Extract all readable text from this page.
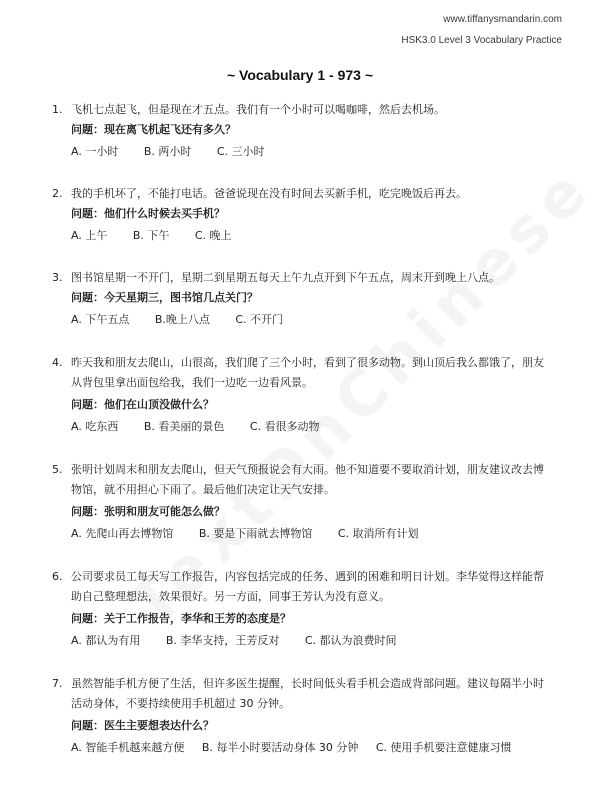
www.tiffanysmandarin.com
HSK3.0 Level 3 Vocabulary Practice
~ Vocabulary 1 - 973 ~
1. 飞机七点起飞，但是现在才五点。我们有一个小时可以喝咖啡，然后去机场。

问题：现在离飞机起飞还有多久？
A. 一小时 B. 两小时 C. 三小时
2. 我的手机坏了，不能打电话。爸爸说现在没有时间去买新手机，吃完晚饭后再去。

问题：他们什么时候去买手机？
A. 上午 B. 下午 C. 晚上
3. 图书馆星期一不开门，星期二到星期五每天上午九点开到下午五点，周末开到晚上八点。

问题：今天星期三，图书馆几点关门？
A. 下午五点 B.晚上八点 C. 不开门
4. 昨天我和朋友去爬山，山很高，我们爬了三个小时，看到了很多动物。到山顶后我么都饿了，朋友从背包里拿出面包给我，我们一边吃一边看风景。

问题：他们在山顶没做什么？
A. 吃东西 B. 看美丽的景色 C. 看很多动物
5. 张明计划周末和朋友去爬山，但天气预报说会有大雨。他不知道要不要取消计划，朋友建议改去博物馆，就不用担心下雨了。最后他们决定让天气安排。

问题：张明和朋友可能怎么做？
A. 先爬山再去博物馆 B. 要是下雨就去博物馆 C. 取消所有计划
6. 公司要求员工每天写工作报告，内容包括完成的任务、遇到的困难和明日计划。李华觉得这样能帮助自己整理想法，效果很好。另一方面，同事王芳认为没有意义。

问题：关于工作报告，李华和王芳的态度是？
A. 都认为有用 B. 李华支持，王芳反对 C. 都认为浪费时间
7. 虽然智能手机方便了生活，但许多医生提醒，长时间低头看手机会造成背部问题。建议每隔半小时活动身体，不要持续使用手机超过 30 分钟。

问题：医生主要想表达什么？
A. 智能手机越来越方便 B. 每半小时要活动身体 30 分钟 C. 使用手机要注意健康习惯
